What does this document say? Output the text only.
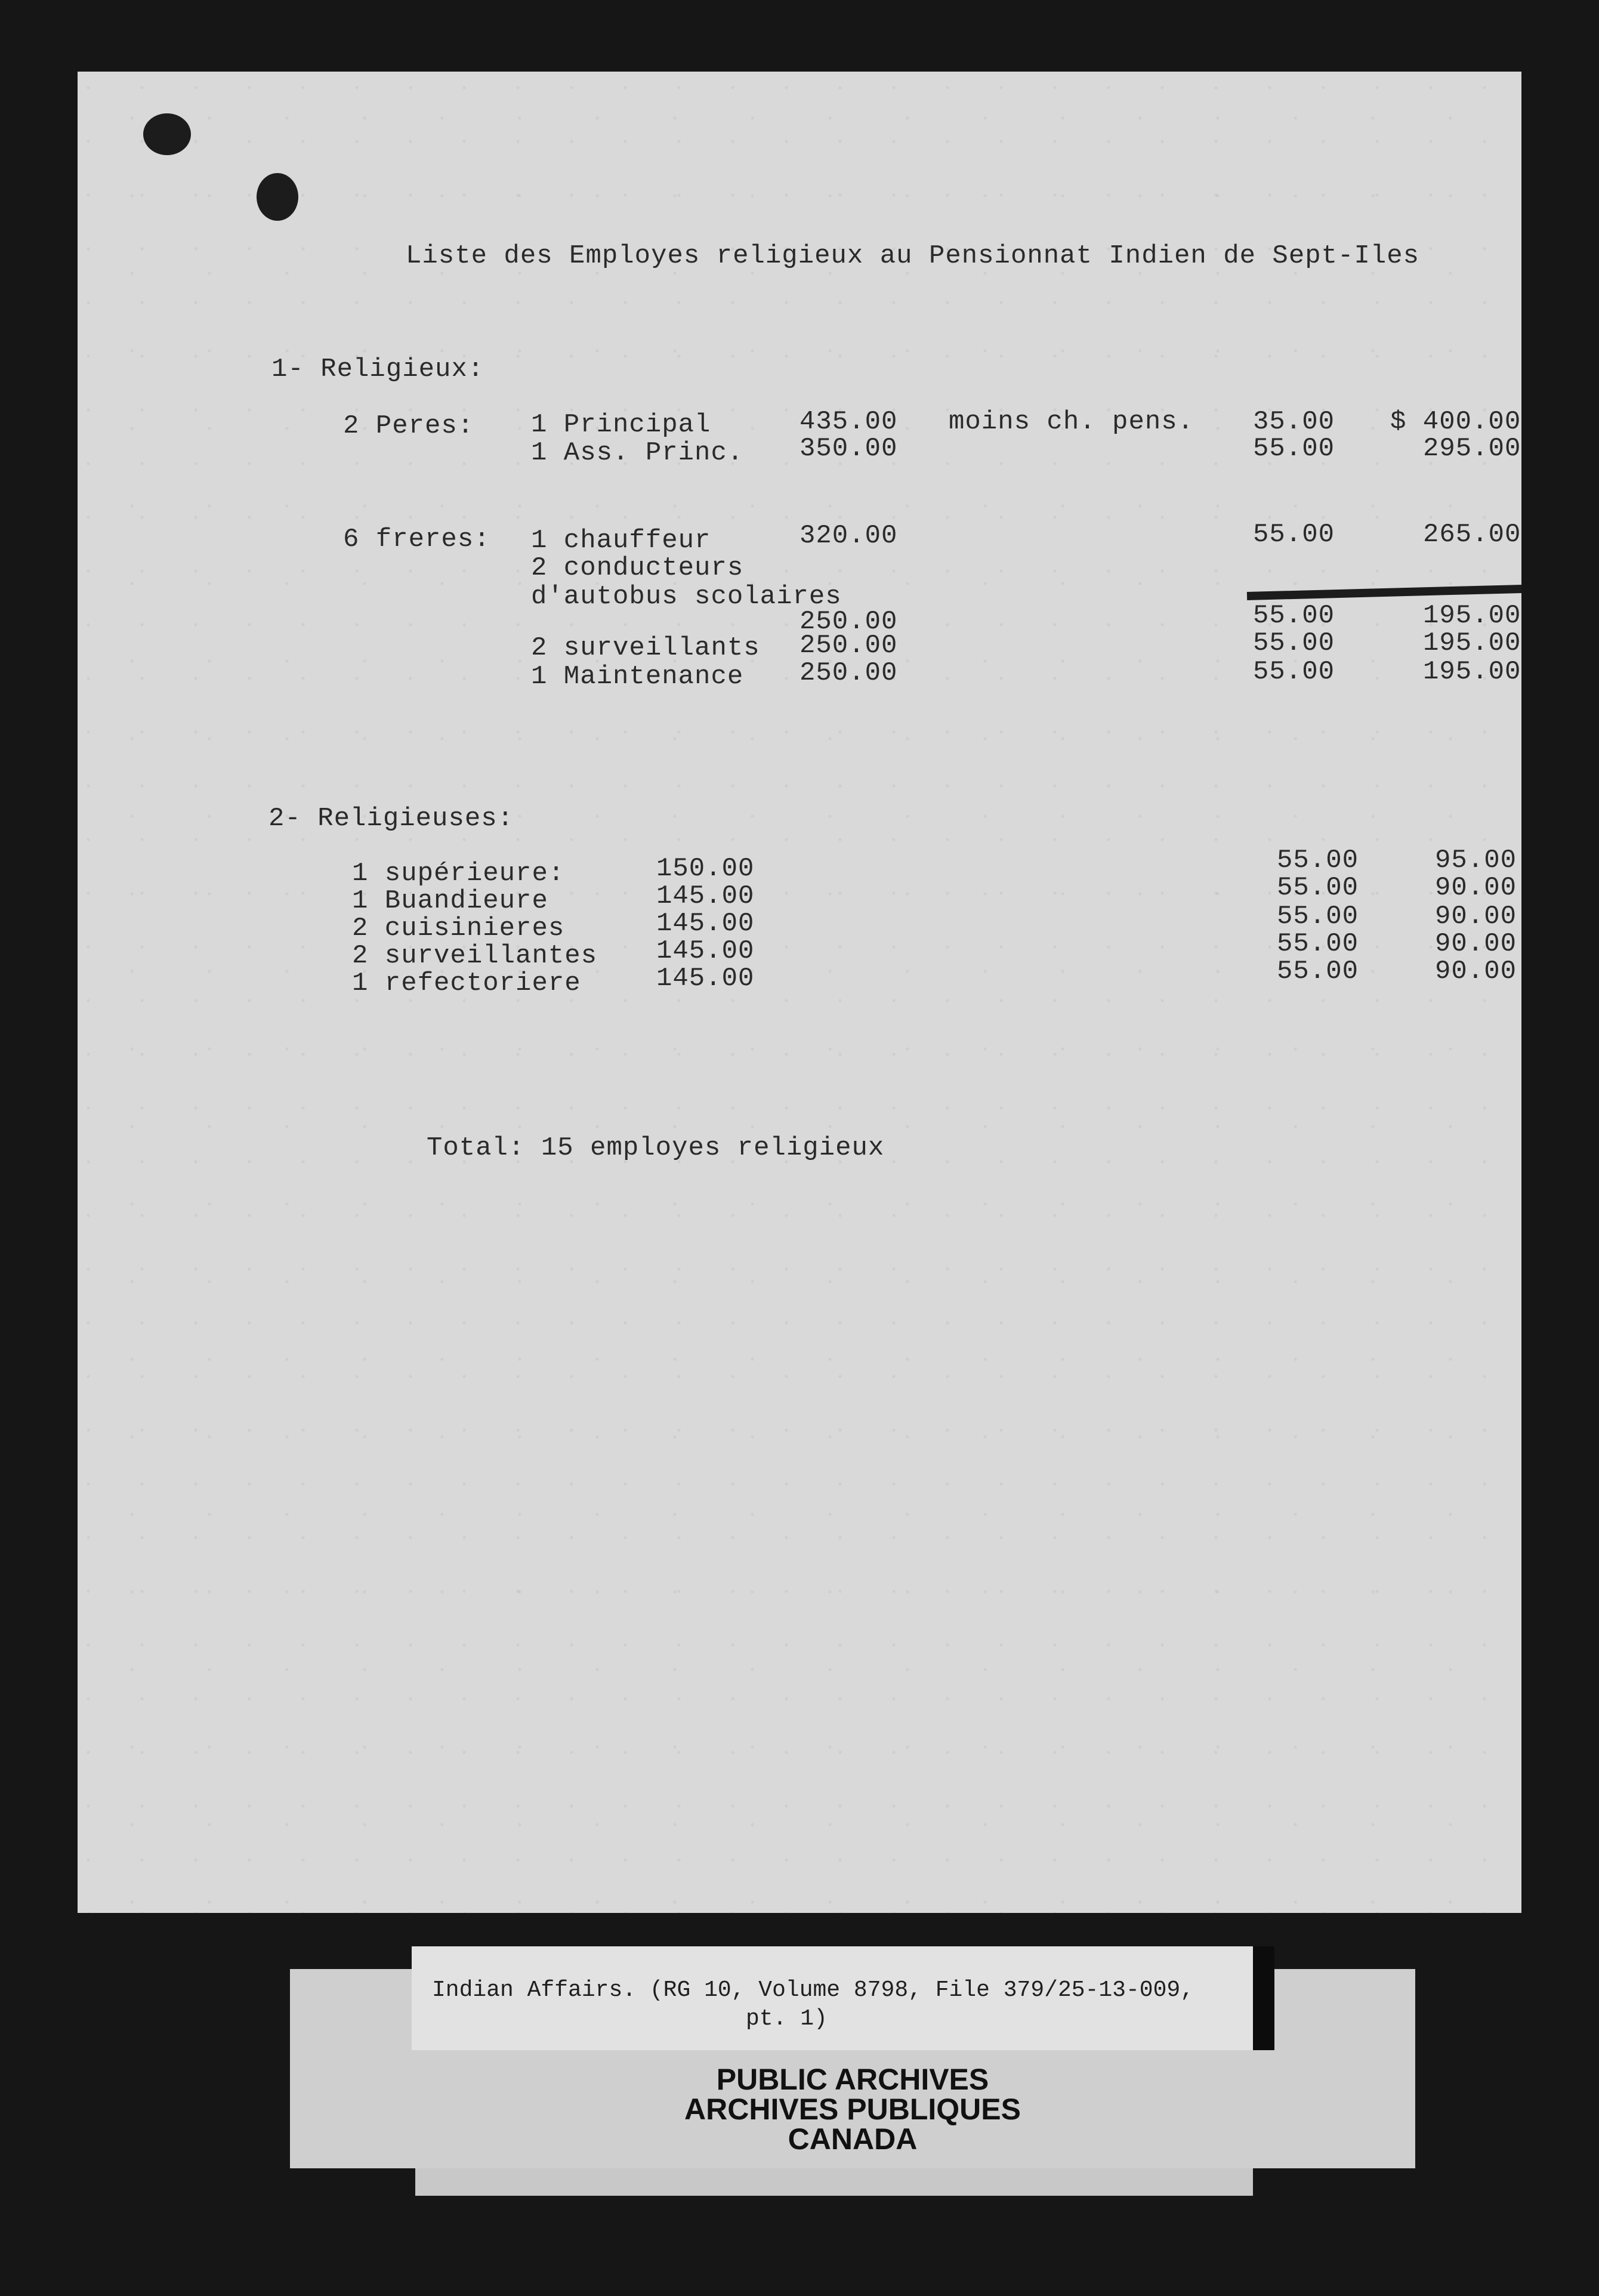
Liste des Employes religieux au Pensionnat Indien de Sept-Iles
1- Religieux:
2 Peres: 1 Principal	435.00 moins ch. pens. 35.00 $ 400.00
1 Ass. Princ. 350.00	55.00	295.00
6 freres: 1 chauffeur	320.00	55.00	265.00
2 conducteurs
d'autobus scolaires
250.00	55.00	195.00
2 surveillants 250.00	55.00	195.00
1 Maintenance 250.00	55.00	195.00
2- Religieuses:
1 supérieure:	150.00	55.00	95.00
1 Buandieure	145.00	55.00	90.00
2 cuisinieres	145.00	55.00	90.00
2 surveillantes 145.00	55.00	90.00
1 refectoriere	145.00	55.00	90.00
Total: 15 employes religieux
PUBLIC ARCHIVES
ARCHIVES PUBLIQUES
CANADA
Indian Affairs. (RG 10, Volume 8798, File 379/25-13-009,
pt. 1)
